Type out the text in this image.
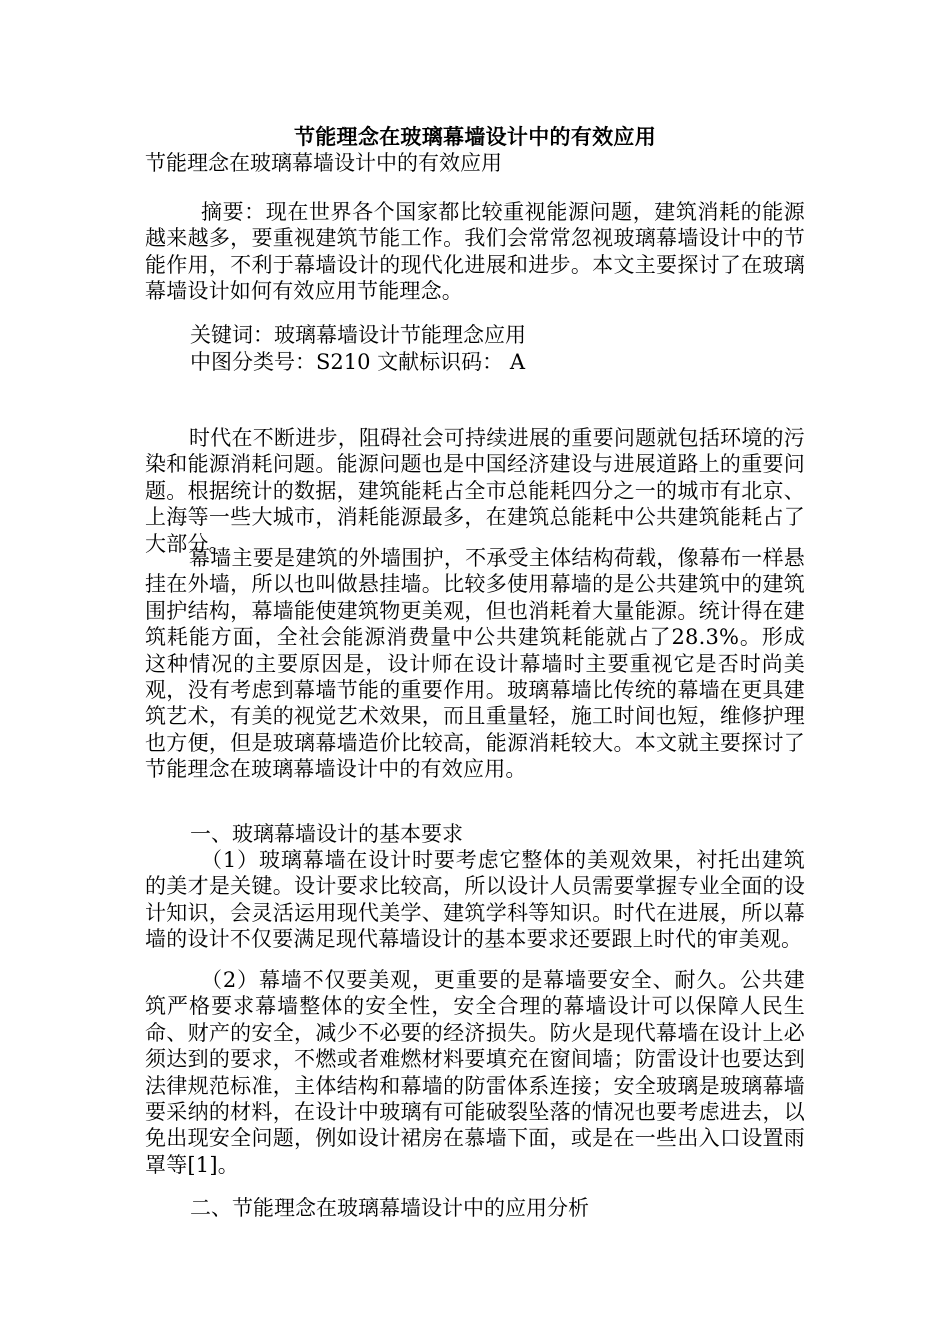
节能理念在玻璃幕墙设计中的有效应用
节能理念在玻璃幕墙设计中的有效应用
摘要：现在世界各个国家都比较重视能源问题，建筑消耗的能源越来越多，要重视建筑节能工作。我们会常常忽视玻璃幕墙设计中的节能作用，不利于幕墙设计的现代化进展和进步。本文主要探讨了在玻璃幕墙设计如何有效应用节能理念。
关键词：玻璃幕墙设计节能理念应用
中图分类号：S210 文献标识码： A
时代在不断进步，阻碍社会可持续进展的重要问题就包括环境的污染和能源消耗问题。能源问题也是中国经济建设与进展道路上的重要问题。根据统计的数据，建筑能耗占全市总能耗四分之一的城市有北京、上海等一些大城市，消耗能源最多，在建筑总能耗中公共建筑能耗占了大部分。
幕墙主要是建筑的外墙围护，不承受主体结构荷载，像幕布一样悬挂在外墙，所以也叫做悬挂墙。比较多使用幕墙的是公共建筑中的建筑围护结构，幕墙能使建筑物更美观，但也消耗着大量能源。统计得在建筑耗能方面，全社会能源消费量中公共建筑耗能就占了28.3%。形成这种情况的主要原因是，设计师在设计幕墙时主要重视它是否时尚美观，没有考虑到幕墙节能的重要作用。玻璃幕墙比传统的幕墙在更具建筑艺术，有美的视觉艺术效果，而且重量轻，施工时间也短，维修护理也方便，但是玻璃幕墙造价比较高，能源消耗较大。本文就主要探讨了节能理念在玻璃幕墙设计中的有效应用。
一、玻璃幕墙设计的基本要求
（1）玻璃幕墙在设计时要考虑它整体的美观效果，衬托出建筑的美才是关键。设计要求比较高，所以设计人员需要掌握专业全面的设计知识，会灵活运用现代美学、建筑学科等知识。时代在进展，所以幕墙的设计不仅要满足现代幕墙设计的基本要求还要跟上时代的审美观。
（2）幕墙不仅要美观，更重要的是幕墙要安全、耐久。公共建筑严格要求幕墙整体的安全性，安全合理的幕墙设计可以保障人民生命、财产的安全，减少不必要的经济损失。防火是现代幕墙在设计上必须达到的要求，不燃或者难燃材料要填充在窗间墙；防雷设计也要达到法律规范标准，主体结构和幕墙的防雷体系连接；安全玻璃是玻璃幕墙要采纳的材料，在设计中玻璃有可能破裂坠落的情况也要考虑进去，以免出现安全问题，例如设计裙房在慕墙下面，或是在一些出入口设置雨罩等[1]。
二、节能理念在玻璃幕墙设计中的应用分析
